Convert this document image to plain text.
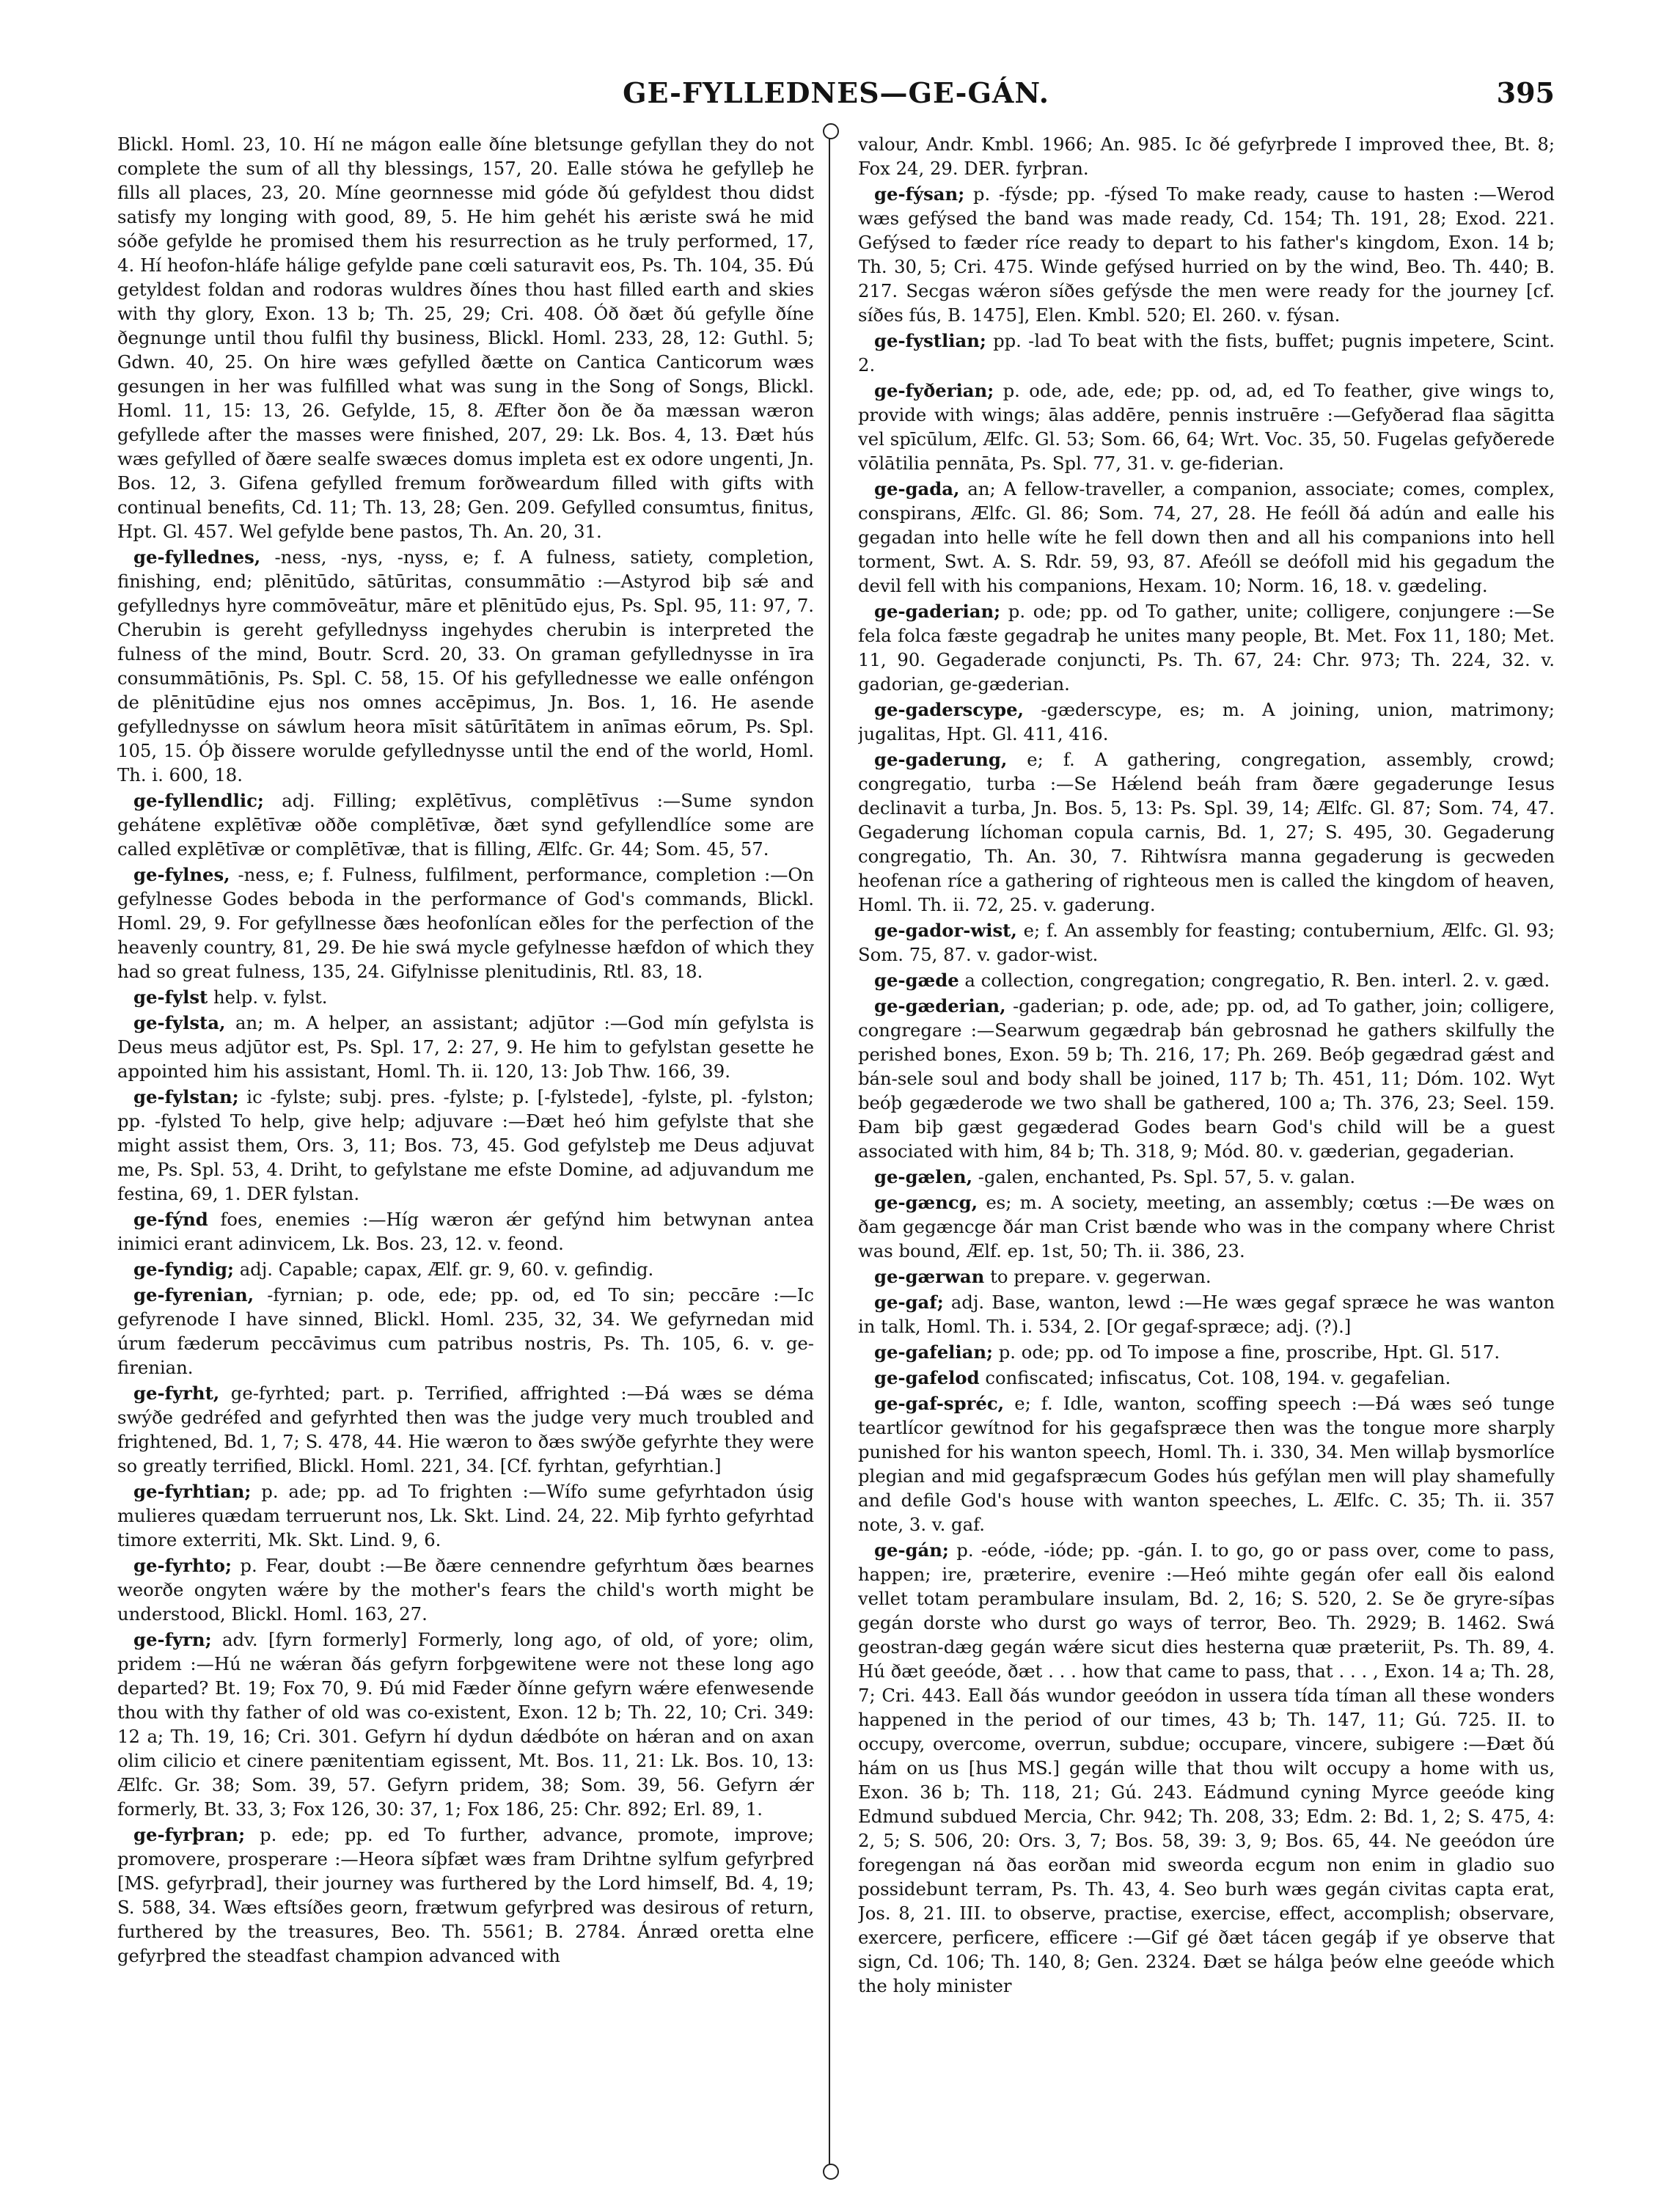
GE-FYLLEDNES—GE-GÁN.	395

Blickl. Homl. 23, 10. Hí ne mágon ealle ðíne bletsunge gefyllan they do not complete the sum of all thy blessings, 157, 20. Ealle stówa he gefylleþ he fills all places, 23, 20. Míne geornnesse mid góde ðú gefyldest thou didst satisfy my longing with good, 89, 5. He him gehét his æriste swá he mid sóðe gefylde he promised them his resurrection as he truly performed, 17, 4. Hí heofon-hláfe hálige gefylde pane cœli saturavit eos, Ps. Th. 104, 35. Ðú getyldest foldan and rodoras wuldres ðínes thou hast filled earth and skies with thy glory, Exon. 13 b; Th. 25, 29; Cri. 408. Óð ðæt ðú gefylle ðíne ðegnunge until thou fulfil thy business, Blickl. Homl. 233, 28, 12: Guthl. 5; Gdwn. 40, 25. On hire wæs gefylled ðætte on Cantica Canticorum wæs gesungen in her was fulfilled what was sung in the Song of Songs, Blickl. Homl. 11, 15: 13, 26. Gefylde, 15, 8. Æfter ðon ðe ða mæssan wæron gefyllede after the masses were finished, 207, 29: Lk. Bos. 4, 13. Ðæt hús wæs gefylled of ðære sealfe swæces domus impleta est ex odore ungenti, Jn. Bos. 12, 3. Gifena gefylled fremum forðweardum filled with gifts with continual benefits, Cd. 11; Th. 13, 28; Gen. 209. Gefylled consumtus, finitus, Hpt. Gl. 457. Wel gefylde bene pastos, Th. An. 20, 31.

ge-fyllednes, -ness, -nys, -nyss, e; f. A fulness, satiety, completion, finishing, end; plēnitūdo, sātūritas, consummātio :—Astyrod biþ sǽ and gefyllednys hyre commōveātur, māre et plēnitūdo ejus, Ps. Spl. 95, 11: 97, 7. Cherubin is gereht gefyllednyss ingehydes cherubin is interpreted the fulness of the mind, Boutr. Scrd. 20, 33. On graman gefyllednysse in īra consummātiōnis, Ps. Spl. C. 58, 15. Of his gefyllednesse we ealle onféngon de plēnitūdine ejus nos omnes accēpimus, Jn. Bos. 1, 16. He asende gefyllednysse on sáwlum heora mīsit sātūrītātem in anīmas eōrum, Ps. Spl. 105, 15. Óþ ðissere worulde gefyllednysse until the end of the world, Homl. Th. i. 600, 18.

ge-fyllendlic; adj. Filling; explētīvus, complētīvus :—Sume syndon gehátene explētīvæ oððe complētīvæ, ðæt synd gefyllendlíce some are called explētīvæ or complētīvæ, that is filling, Ælfc. Gr. 44; Som. 45, 57.

ge-fylnes, -ness, e; f. Fulness, fulfilment, performance, completion :—On gefylnesse Godes beboda in the performance of God's commands, Blickl. Homl. 29, 9. For gefyllnesse ðæs heofonlícan eðles for the perfection of the heavenly country, 81, 29. Ðe hie swá mycle gefylnesse hæfdon of which they had so great fulness, 135, 24. Gifylnisse plenitudinis, Rtl. 83, 18.

ge-fylst help. v. fylst.

ge-fylsta, an; m. A helper, an assistant; adjūtor :—God mín gefylsta is Deus meus adjūtor est, Ps. Spl. 17, 2: 27, 9. He him to gefylstan gesette he appointed him his assistant, Homl. Th. ii. 120, 13: Job Thw. 166, 39.

ge-fylstan; ic -fylste; subj. pres. -fylste; p. [-fylstede], -fylste, pl. -fylston; pp. -fylsted To help, give help; adjuvare :—Ðæt heó him gefylste that she might assist them, Ors. 3, 11; Bos. 73, 45. God gefylsteþ me Deus adjuvat me, Ps. Spl. 53, 4. Driht, to gefylstane me efste Domine, ad adjuvandum me festina, 69, 1. DER fylstan.

ge-fýnd foes, enemies :—Híg wæron ǽr gefýnd him betwynan antea inimici erant adinvicem, Lk. Bos. 23, 12. v. feond.

ge-fyndig; adj. Capable; capax, Ælf. gr. 9, 60. v. gefindig.

ge-fyrenian, -fyrnian; p. ode, ede; pp. od, ed To sin; peccāre :—Ic gefyrenode I have sinned, Blickl. Homl. 235, 32, 34. We gefyrnedan mid úrum fæderum peccāvimus cum patribus nostris, Ps. Th. 105, 6. v. ge-firenian.

ge-fyrht, ge-fyrhted; part. p. Terrified, affrighted :—Ðá wæs se déma swýðe gedréfed and gefyrhted then was the judge very much troubled and frightened, Bd. 1, 7; S. 478, 44. Hie wæron to ðæs swýðe gefyrhte they were so greatly terrified, Blickl. Homl. 221, 34. [Cf. fyrhtan, gefyrhtian.]

ge-fyrhtian; p. ade; pp. ad To frighten :—Wífo sume gefyrhtadon úsig mulieres quædam terruerunt nos, Lk. Skt. Lind. 24, 22. Miþ fyrhto gefyrhtad timore exterriti, Mk. Skt. Lind. 9, 6.

ge-fyrhto; p. Fear, doubt :—Be ðære cennendre gefyrhtum ðæs bearnes weorðe ongyten wǽre by the mother's fears the child's worth might be understood, Blickl. Homl. 163, 27.

ge-fyrn; adv. [fyrn formerly] Formerly, long ago, of old, of yore; olim, pridem :—Hú ne wǽran ðás gefyrn forþgewitene were not these long ago departed? Bt. 19; Fox 70, 9. Ðú mid Fæder ðínne gefyrn wǽre efenwesende thou with thy father of old was co-existent, Exon. 12 b; Th. 22, 10; Cri. 349: 12 a; Th. 19, 16; Cri. 301. Gefyrn hí dydun dǽdbóte on hǽran and on axan olim cilicio et cinere pænitentiam egissent, Mt. Bos. 11, 21: Lk. Bos. 10, 13: Ælfc. Gr. 38; Som. 39, 57. Gefyrn pridem, 38; Som. 39, 56. Gefyrn ǽr formerly, Bt. 33, 3; Fox 126, 30: 37, 1; Fox 186, 25: Chr. 892; Erl. 89, 1.

ge-fyrþran; p. ede; pp. ed To further, advance, promote, improve; promovere, prosperare :—Heora síþfæt wæs fram Drihtne sylfum gefyrþred [MS. gefyrþrad], their journey was furthered by the Lord himself, Bd. 4, 19; S. 588, 34. Wæs eftsíðes georn, frætwum gefyrþred was desirous of return, furthered by the treasures, Beo. Th. 5561; B. 2784. Ánræd oretta elne gefyrþred the steadfast champion advanced with

valour, Andr. Kmbl. 1966; An. 985. Ic ðé gefyrþrede I improved thee, Bt. 8; Fox 24, 29. DER. fyrþran.

ge-fýsan; p. -fýsde; pp. -fýsed To make ready, cause to hasten :—Werod wæs gefýsed the band was made ready, Cd. 154; Th. 191, 28; Exod. 221. Gefýsed to fæder ríce ready to depart to his father's kingdom, Exon. 14 b; Th. 30, 5; Cri. 475. Winde gefýsed hurried on by the wind, Beo. Th. 440; B. 217. Secgas wǽron síðes gefýsde the men were ready for the journey [cf. síðes fús, B. 1475], Elen. Kmbl. 520; El. 260. v. fýsan.

ge-fystlian; pp. -lad To beat with the fists, buffet; pugnis impetere, Scint. 2.

ge-fyðerian; p. ode, ade, ede; pp. od, ad, ed To feather, give wings to, provide with wings; ālas addēre, pennis instruēre :—Gefyðerad flaa sāgitta vel spīcūlum, Ælfc. Gl. 53; Som. 66, 64; Wrt. Voc. 35, 50. Fugelas gefyðerede vōlātilia pennāta, Ps. Spl. 77, 31. v. ge-fiderian.

ge-gada, an; A fellow-traveller, a companion, associate; comes, complex, conspirans, Ælfc. Gl. 86; Som. 74, 27, 28. He feóll ðá adún and ealle his gegadan into helle wíte he fell down then and all his companions into hell torment, Swt. A. S. Rdr. 59, 93, 87. Afeóll se deófoll mid his gegadum the devil fell with his companions, Hexam. 10; Norm. 16, 18. v. gædeling.

ge-gaderian; p. ode; pp. od To gather, unite; colligere, conjungere :—Se fela folca fæste gegadraþ he unites many people, Bt. Met. Fox 11, 180; Met. 11, 90. Gegaderade conjuncti, Ps. Th. 67, 24: Chr. 973; Th. 224, 32. v. gadorian, ge-gæderian.

ge-gaderscype, -gæderscype, es; m. A joining, union, matrimony; jugalitas, Hpt. Gl. 411, 416.

ge-gaderung, e; f. A gathering, congregation, assembly, crowd; congregatio, turba :—Se Hǽlend beáh fram ðære gegaderunge Iesus declinavit a turba, Jn. Bos. 5, 13: Ps. Spl. 39, 14; Ælfc. Gl. 87; Som. 74, 47. Gegaderung líchoman copula carnis, Bd. 1, 27; S. 495, 30. Gegaderung congregatio, Th. An. 30, 7. Rihtwísra manna gegaderung is gecweden heofenan ríce a gathering of righteous men is called the kingdom of heaven, Homl. Th. ii. 72, 25. v. gaderung.

ge-gador-wist, e; f. An assembly for feasting; contubernium, Ælfc. Gl. 93; Som. 75, 87. v. gador-wist.

ge-gæde a collection, congregation; congregatio, R. Ben. interl. 2. v. gæd.

ge-gæderian, -gaderian; p. ode, ade; pp. od, ad To gather, join; colligere, congregare :—Searwum gegædraþ bán gebrosnad he gathers skilfully the perished bones, Exon. 59 b; Th. 216, 17; Ph. 269. Beóþ gegædrad gǽst and bán-sele soul and body shall be joined, 117 b; Th. 451, 11; Dóm. 102. Wyt beóþ gegæderode we two shall be gathered, 100 a; Th. 376, 23; Seel. 159. Ðam biþ gæst gegæderad Godes bearn God's child will be a guest associated with him, 84 b; Th. 318, 9; Mód. 80. v. gæderian, gegaderian.

ge-gælen, -galen, enchanted, Ps. Spl. 57, 5. v. galan.

ge-gæncg, es; m. A society, meeting, an assembly; cœtus :—Ðe wæs on ðam gegæncge ðár man Crist bænde who was in the company where Christ was bound, Ælf. ep. 1st, 50; Th. ii. 386, 23.

ge-gærwan to prepare. v. gegerwan.

ge-gaf; adj. Base, wanton, lewd :—He wæs gegaf spræce he was wanton in talk, Homl. Th. i. 534, 2. [Or gegaf-spræce; adj. (?).]

ge-gafelian; p. ode; pp. od To impose a fine, proscribe, Hpt. Gl. 517.

ge-gafelod confiscated; infiscatus, Cot. 108, 194. v. gegafelian.

ge-gaf-spréc, e; f. Idle, wanton, scoffing speech :—Ðá wæs seó tunge teartlícor gewítnod for his gegafspræce then was the tongue more sharply punished for his wanton speech, Homl. Th. i. 330, 34. Men willaþ bysmorlíce plegian and mid gegafspræcum Godes hús gefýlan men will play shamefully and defile God's house with wanton speeches, L. Ælfc. C. 35; Th. ii. 357 note, 3. v. gaf.

ge-gán; p. -eóde, -ióde; pp. -gán. I. to go, go or pass over, come to pass, happen; ire, præterire, evenire :—Heó mihte gegán ofer eall ðis ealond vellet totam perambulare insulam, Bd. 2, 16; S. 520, 2. Se ðe gryre-síþas gegán dorste who durst go ways of terror, Beo. Th. 2929; B. 1462. Swá geostran-dæg gegán wǽre sicut dies hesterna quæ præteriit, Ps. Th. 89, 4. Hú ðæt geeóde, ðæt . . . how that came to pass, that . . . , Exon. 14 a; Th. 28, 7; Cri. 443. Eall ðás wundor geeódon in ussera tída tíman all these wonders happened in the period of our times, 43 b; Th. 147, 11; Gú. 725. II. to occupy, overcome, overrun, subdue; occupare, vincere, subigere :—Ðæt ðú hám on us [hus MS.] gegán wille that thou wilt occupy a home with us, Exon. 36 b; Th. 118, 21; Gú. 243. Eádmund cyning Myrce geeóde king Edmund subdued Mercia, Chr. 942; Th. 208, 33; Edm. 2: Bd. 1, 2; S. 475, 4: 2, 5; S. 506, 20: Ors. 3, 7; Bos. 58, 39: 3, 9; Bos. 65, 44. Ne geeódon úre foregengan ná ðas eorðan mid sweorda ecgum non enim in gladio suo possidebunt terram, Ps. Th. 43, 4. Seo burh wæs gegán civitas capta erat, Jos. 8, 21. III. to observe, practise, exercise, effect, accomplish; observare, exercere, perficere, efficere :—Gif gé ðæt tácen gegáþ if ye observe that sign, Cd. 106; Th. 140, 8; Gen. 2324. Ðæt se hálga þeów elne geeóde which the holy minister
